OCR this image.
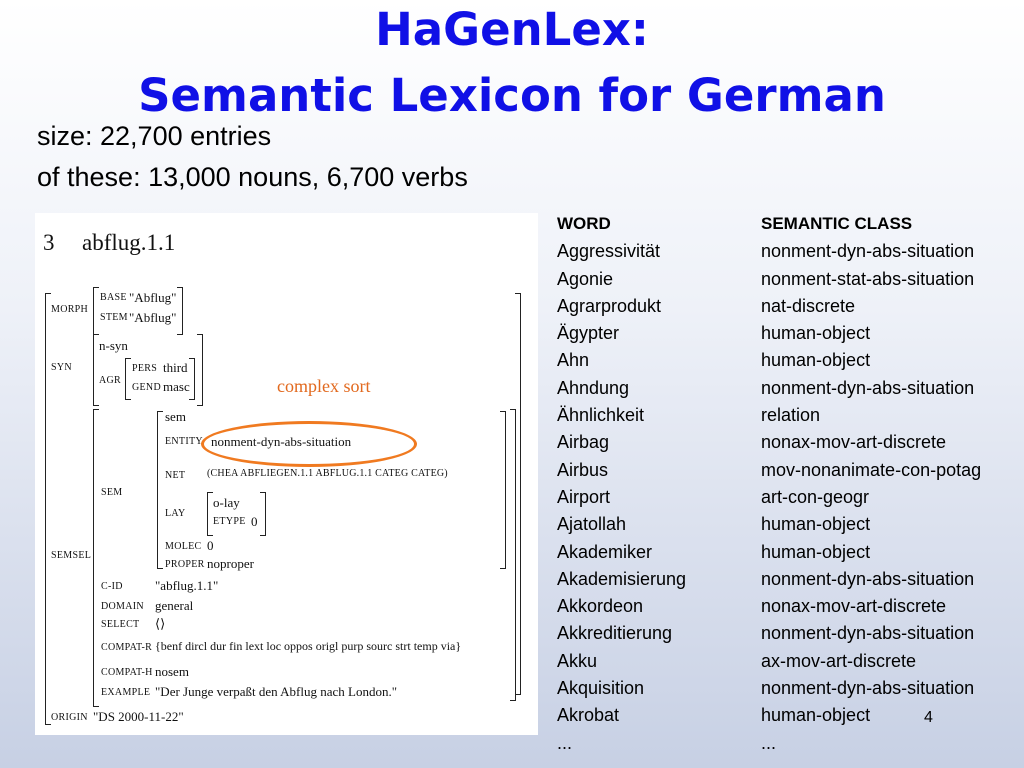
HaGenLex:
Semantic Lexicon for German
size: 22,700 entries
of these: 13,000 nouns, 6,700 verbs
3 abflug.1.1
MORPH
BASE "Abflug"
STEM "Abflug"
SYN
n-syn
AGR
PERS third
GEND masc	complex sort
SEMSEL
SEM
sem
ENTITY nonment-dyn-abs-situation
NET (CHEA ABFLIEGEN.1.1 ABFLUG.1.1 CATEG CATEG)
LAY
o-lay
ETYPE 0
MOLEC 0
PROPER noproper
C-ID "abflug.1.1"
DOMAIN general
SELECT ⟨⟩
COMPAT-R {benf dircl dur fin lext loc oppos origl purp sourc strt temp via}
COMPAT-H nosem
EXAMPLE "Der Junge verpaßt den Abflug nach London."
ORIGIN "DS 2000-11-22"
WORD
Aggressivität
Agonie
Agrarprodukt
Ägypter
Ahn
Ahndung
Ähnlichkeit
Airbag
Airbus
Airport
Ajatollah
Akademiker
Akademisierung
Akkordeon
Akkreditierung
Akku
Akquisition
Akrobat
...
SEMANTIC CLASS
nonment-dyn-abs-situation
nonment-stat-abs-situation
nat-discrete
human-object
human-object
nonment-dyn-abs-situation
relation
nonax-mov-art-discrete
mov-nonanimate-con-potag
art-con-geogr
human-object
human-object
nonment-dyn-abs-situation
nonax-mov-art-discrete
nonment-dyn-abs-situation
ax-mov-art-discrete
nonment-dyn-abs-situation
human-object
...
4
